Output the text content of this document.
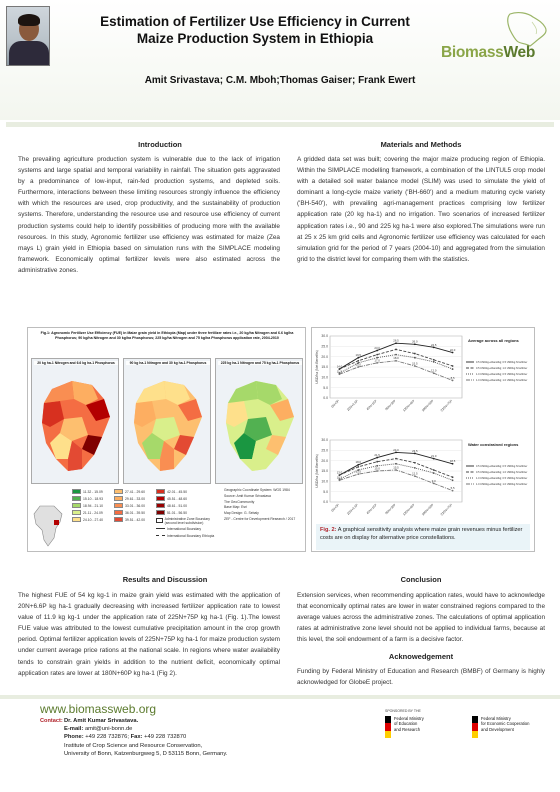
Estimation of Fertilizer Use Efficiency in Current Maize Production System in Ethiopia
BiomassWeb
Amit Srivastava; C.M. Mboh;Thomas Gaiser; Frank Ewert
Introduction
The prevailing agriculture production system is vulnerable due to the lack of irrigation systems and large spatial and temporal variability in rainfall. The situation gets aggravated by a predominance of low-input, rain-fed production systems, and depleted soils. Furthermore, interactions between these limiting resources strongly influence the efficiency with which the resources are used, crop productivity, and the sustainability of production systems. Therefore, understanding the resource use and resource use efficiency of current production systems could help to identify possibilities of producing more with the available resources. In this study, Agronomic fertilizer use efficiency was estimated for maize (Zea mays L) grain yield in Ethiopia based on simulation runs with the SIMPLACE modeling framework. Economically optimal fertilizer levels were also estimated across the administrative zones.
Materials and Methods
A gridded data set was built; covering the major maize producing region of Ethiopia. Within the SIMPLACE modelling framework, a combination of the LINTUL5 crop model with a detailed soil water balance model (SLIM) was used to simulate the yield of dominant a long-cycle maize variety ('BH-660') and a medium maturing cycle variety ('BH-540'), with prevailing agri-management practices comprising low fertilizer application rate (20 kg ha-1) and no irrigation. Two scenarios of increased fertilizer application rates i.e., 90 and 225 kg ha-1 were also explored.The simulations were run at 25 x 25 km grid cells and Agronomic fertilizer use efficiency was calculated for each simulation grid for the period of 7 years (2004-10) and aggregated from the simulation grid to the district level for comparing them with the statistics.
Fig.1: Agronomic Fertilizer Use Efficiency (FUE) in Maize grain yield in Ethiopia (Map) under three fertilizer rates i.e., 20 kg/ha Nitrogen and 6.6 kg/ha Phosphorus; 90 kg/ha Nitrogen and 30 kg/ha Phosphorus; 225 kg/ha Nitrogen and 75 kg/ha Phosphorus application rate, 2004-2010
20 kg ha-1 Nitrogen and 6.6 kg ha-1 Phosphorus	90 kg ha-1 Nitrogen and 30 kg ha-1 Phosphorus	225 kg ha-1 Nitrogen and 75 kg ha-1 Phosphorus
11.32 - 15.09
15.10 - 18.93
18.94 - 21.10
21.11 - 24.09
24.10 - 27.40
27.41 - 29.60
29.61 - 33.00
33.01 - 36.00
36.01 - 39.50
39.51 - 42.00
42.01 - 45.50
45.51 - 48.60
48.61 - 51.00
51.01 - 56.50
Administrative Zone Boundary (second level subdivision)
International Boundary
International Boundary Ethiopia
Geographic Coordinate System: WGS 1984
Source: Amit Kumar Srivastava
The GeoCommunity
Base Map: Esri
Map Design: G. Sebaly
ZEF - Centre for Development Research / 2017
0.0
5.0
10.0
15.0
20.0
25.0
30.0
0N+0P 20N+6.6P 45N+15P 90N+30P 135N+45P 180N+60P 225N+75P
USD/ha (Net Benefits)	14.0
19.5
23.0
26.5	26.0
24.5
22.0
11.5
15.0
17.0
18.0
15.5
12.0
8.5
Average across all regions
0.5 USD/kg-ethanol/kg; 0.5 USD/kg N fertilizer
0.5 USD/kg-ethanol/kg; 1.0 USD/kg N fertilizer
1.0 USD/kg-ethanol/kg; 0.5 USD/kg N fertilizer
1.0 USD/kg-ethanol/kg; 1.0 USD/kg N fertilizer
0.0
5.0
10.0
15.0
20.0
25.0
30.0
0N+0P 20N+6.6P 45N+15P 90N+30P 135N+45P 180N+60P 225N+75P
USD/ha (Net Benefits)	13.0
18.0
21.5
24.0	23.5
21.0
18.5
10.5
13.5
15.0	15.5
12.5
9.0
5.5
Water constrained regions
0.5 USD/kg-ethanol/kg; 0.5 USD/kg N fertilizer
0.5 USD/kg-ethanol/kg; 1.0 USD/kg N fertilizer
1.0 USD/kg-ethanol/kg; 0.5 USD/kg N fertilizer
1.0 USD/kg-ethanol/kg; 1.0 USD/kg N fertilizer
Fig. 2: A graphical sensitivity analysis where maize grain revenues minus fertilizer costs are on display for alternative price constellations.
Results and Discussion
The highest FUE of 54 kg kg-1 in maize grain yield was estimated with the application of 20N+6.6P kg ha-1 gradually decreasing with increased fertilizer application rate to lowest value of 11.9 kg kg-1 under the application rate of 225N+75P kg ha-1 (Fig. 1).The lowest FUE value was attributed to the lowest cumulative precipitation amount in the crop growth period. Optimal fertilizer application levels of 225N+75P kg ha-1 for maize production system under current average price rations at the national scale. In regions where water availability tends to constrain grain yields in addition to the nutrient deficit, economically optimal application rates are lower at 180N+60P kg ha-1 (Fig 2).
Conclusion
Extension services, when recommending application rates, would have to acknowledge that economically optimal rates are lower in water constrained regions compared to the average values across the administrative zones. The calculations of optimal application rates at administrative zone level should not be applied to individual farms, because at this level, the soil endowment of a farm is a decisive factor.
Acknowedgement
Funding by Federal Ministry of Education and Research (BMBF) of Germany is highly acknowledged for GlobeE project.
www.biomassweb.org
Contact: Dr. Amit Kumar Srivastava.
E-mail: amit@uni-bonn.de
Phone: +49 228 732876; Fax: +49 228 732870
Institute of Crop Science and Resource Conservation,
University of Bonn, Katzenburgweg 5, D 53115 Bonn, Germany.
SPONSORED BY THE
Federal Ministry
of Education
and Research
Federal Ministry
for Economic Cooperation
and Development
